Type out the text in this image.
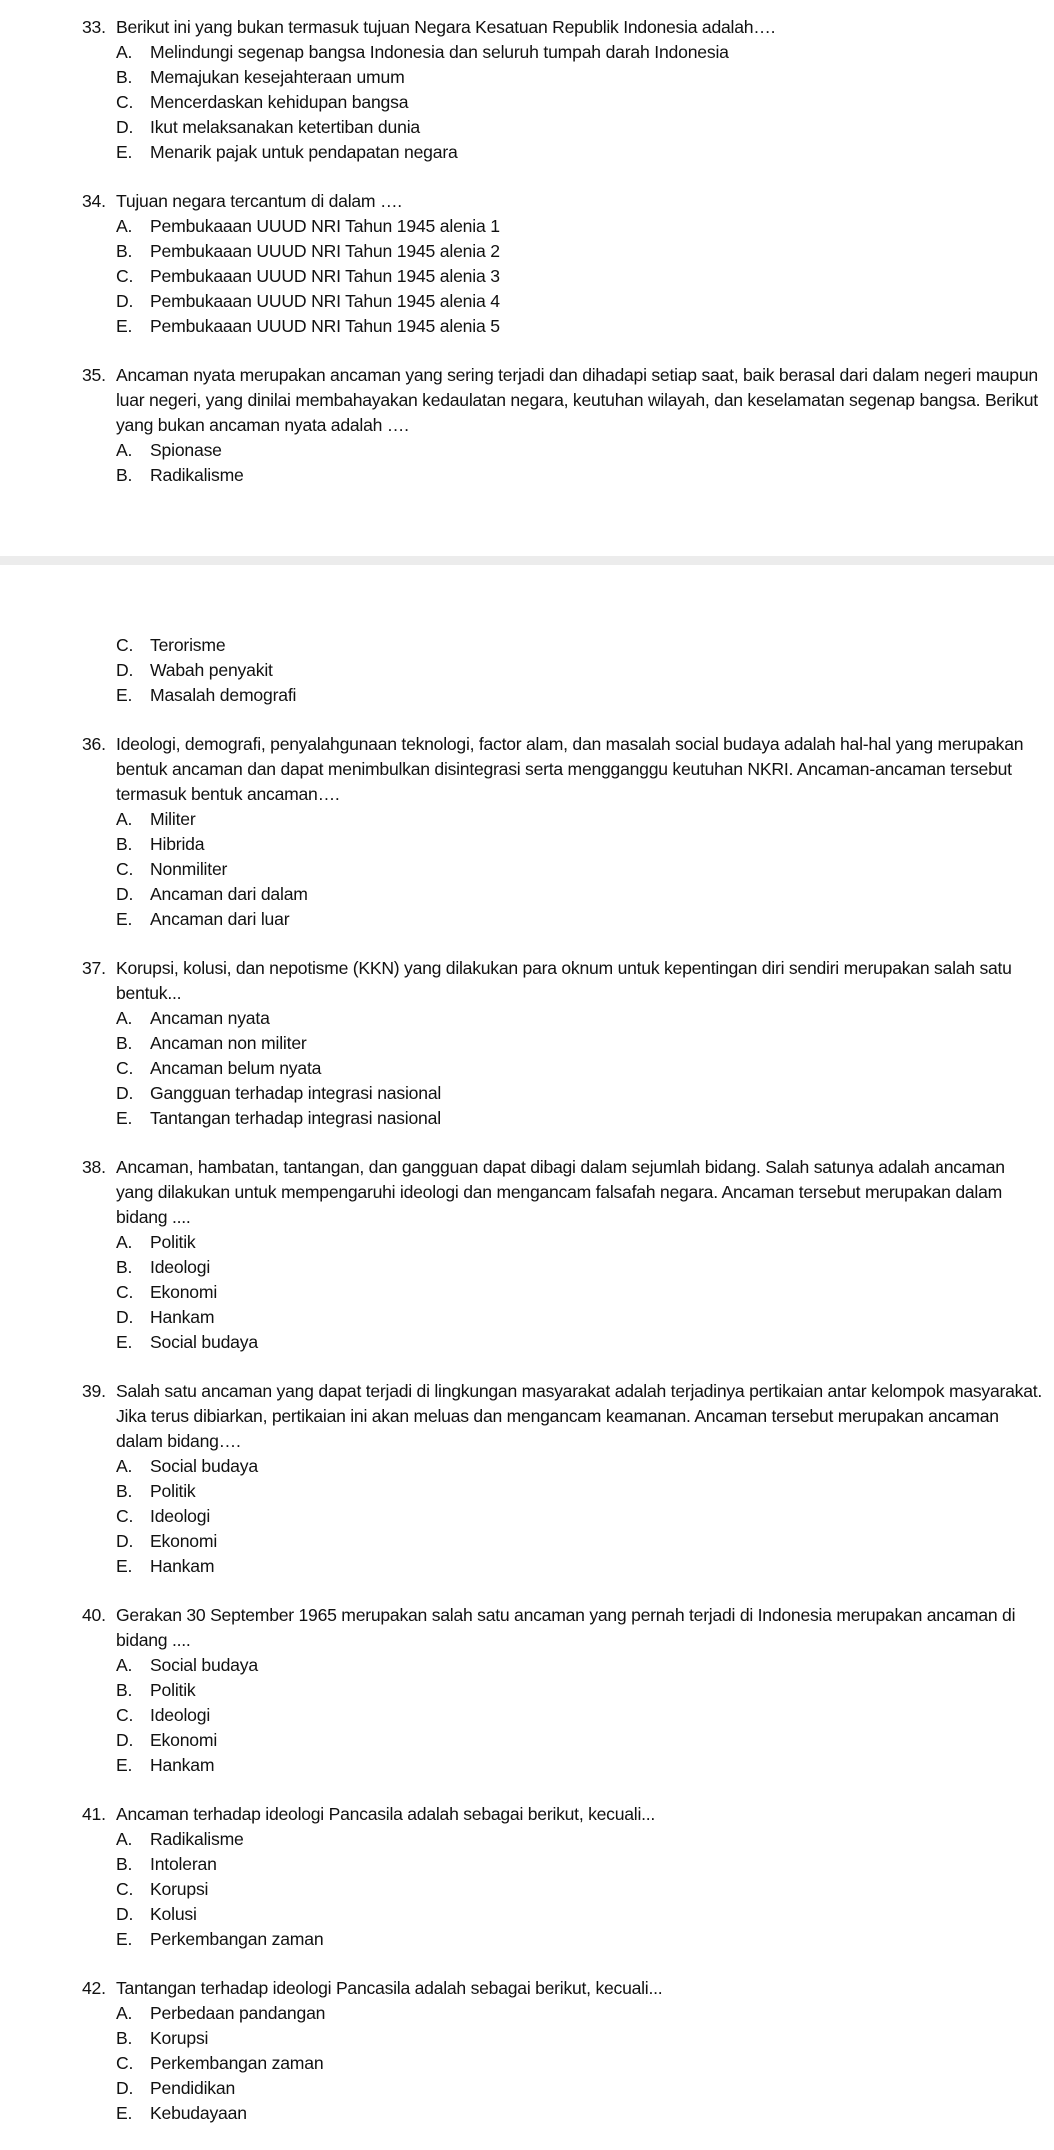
33. Berikut ini yang bukan termasuk tujuan Negara Kesatuan Republik Indonesia adalah….
A.	Melindungi segenap bangsa Indonesia dan seluruh tumpah darah Indonesia
B.	Memajukan kesejahteraan umum
C. Mencerdaskan kehidupan bangsa
D. Ikut melaksanakan ketertiban dunia
E.	Menarik pajak untuk pendapatan negara
34. Tujuan negara tercantum di dalam ….
A.	Pembukaaan UUUD NRI Tahun 1945 alenia 1
B.	Pembukaaan UUUD NRI Tahun 1945 alenia 2
C. Pembukaaan UUUD NRI Tahun 1945 alenia 3
D. Pembukaaan UUUD NRI Tahun 1945 alenia 4
E.	Pembukaaan UUUD NRI Tahun 1945 alenia 5
35. Ancaman nyata merupakan ancaman yang sering terjadi dan dihadapi setiap saat, baik berasal dari dalam negeri maupun luar negeri, yang dinilai membahayakan kedaulatan negara, keutuhan wilayah, dan keselamatan segenap bangsa. Berikut yang bukan ancaman nyata adalah ….
A.	Spionase
B.	Radikalisme
C. Terorisme
D. Wabah penyakit
E.	Masalah demografi
36. Ideologi, demografi, penyalahgunaan teknologi, factor alam, dan masalah social budaya adalah hal-hal yang merupakan bentuk ancaman dan dapat menimbulkan disintegrasi serta mengganggu keutuhan NKRI. Ancaman-ancaman tersebut termasuk bentuk ancaman….
A.	Militer
B.	Hibrida
C. Nonmiliter
D. Ancaman dari dalam
E.	Ancaman dari luar
37. Korupsi, kolusi, dan nepotisme (KKN) yang dilakukan para oknum untuk kepentingan diri sendiri merupakan salah satu bentuk...
A.	Ancaman nyata
B.	Ancaman non militer
C. Ancaman belum nyata
D. Gangguan terhadap integrasi nasional
E.	Tantangan terhadap integrasi nasional
38. Ancaman, hambatan, tantangan, dan gangguan dapat dibagi dalam sejumlah bidang. Salah satunya adalah ancaman yang dilakukan untuk mempengaruhi ideologi dan mengancam falsafah negara. Ancaman tersebut merupakan dalam bidang ....
A.	Politik
B.	Ideologi
C. Ekonomi
D. Hankam
E.	Social budaya
39. Salah satu ancaman yang dapat terjadi di lingkungan masyarakat adalah terjadinya pertikaian antar kelompok masyarakat. Jika terus dibiarkan, pertikaian ini akan meluas dan mengancam keamanan. Ancaman tersebut merupakan ancaman dalam bidang….
A.	Social budaya
B.	Politik
C. Ideologi
D. Ekonomi
E.	Hankam
40. Gerakan 30 September 1965 merupakan salah satu ancaman yang pernah terjadi di Indonesia merupakan ancaman di bidang ....
A.	Social budaya
B.	Politik
C. Ideologi
D. Ekonomi
E.	Hankam
41. Ancaman terhadap ideologi Pancasila adalah sebagai berikut, kecuali...
A.	Radikalisme
B.	Intoleran
C. Korupsi
D. Kolusi
E.	Perkembangan zaman
42. Tantangan terhadap ideologi Pancasila adalah sebagai berikut, kecuali...
A.	Perbedaan pandangan
B.	Korupsi
C. Perkembangan zaman
D. Pendidikan
E.	Kebudayaan
